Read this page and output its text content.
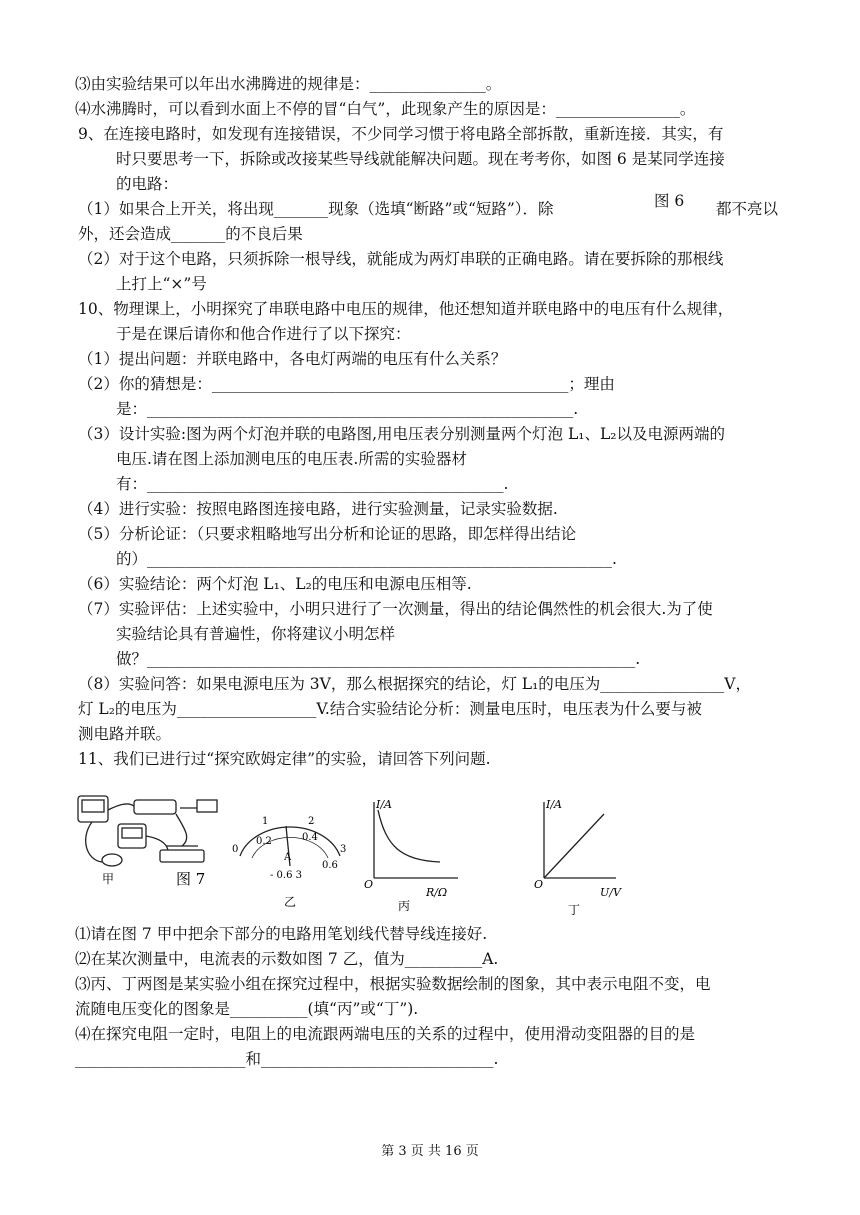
⑶由实验结果可以年出水沸腾进的规律是：_______________。
⑷水沸腾时，可以看到水面上不停的冒“白气”，此现象产生的原因是：________________。
9、在连接电路时，如发现有连接错误，不少同学习惯于将电路全部拆散，重新连接．其实，有
时只要思考一下，拆除或改接某些导线就能解决问题。现在考考你，如图 6 是某同学连接
的电路：
（1）如果合上开关，将出现_______现象（选填“断路”或“短路”）．除	都不亮以
外，还会造成_______的不良后果
（2）对于这个电路，只须拆除一根导线，就能成为两灯串联的正确电路。请在要拆除的那根线
上打上“×”号
10、物理课上，小明探究了串联电路中电压的规律，他还想知道并联电路中的电压有什么规律，
于是在课后请你和他合作进行了以下探究：
（1）提出问题：并联电路中，各电灯两端的电压有什么关系？
（2）你的猜想是：______________________________________________；理由
是：_______________________________________________________.
（3）设计实验:图为两个灯泡并联的电路图,用电压表分别测量两个灯泡 L₁、L₂以及电源两端的
电压.请在图上添加测电压的电压表.所需的实验器材
有：______________________________________________.
（4）进行实验：按照电路图连接电路，进行实验测量，记录实验数据.
（5）分析论证：（只要求粗略地写出分析和论证的思路，即怎样得出结论
的）____________________________________________________________.
（6）实验结论：两个灯泡 L₁、L₂的电压和电源电压相等.
（7）实验评估：上述实验中，小明只进行了一次测量，得出的结论偶然性的机会很大.为了使
实验结论具有普遍性，你将建议小明怎样
做？_______________________________________________________________.
（8）实验问答：如果电源电压为 3V，那么根据探究的结论，灯 L₁的电压为________________V，
灯 L₂的电压为__________________V.结合实验结论分析：测量电压时，电压表为什么要与被
测电路并联。
11、我们已进行过“探究欧姆定律”的实验，请回答下列问题.
⑴请在图 7 甲中把余下部分的电路用笔划线代替导线连接好.
⑵在某次测量中，电流表的示数如图 7 乙，值为__________A.
⑶丙、丁两图是某实验小组在探究过程中，根据实验数据绘制的图象，其中表示电阻不变，电
流随电压变化的图象是__________(填“丙”或“丁”).
⑷在探究电阻一定时，电阻上的电流跟两端电压的关系的过程中，使用滑动变阻器的目的是
______________________和______________________________.
图 6
甲	图 7
0
1	2
3
0.2	0.4
0.6
A
- 0.6 3
乙
I/A
R/Ω
O
丙
I/A
U/V
O
丁
第 3 页 共 16 页
